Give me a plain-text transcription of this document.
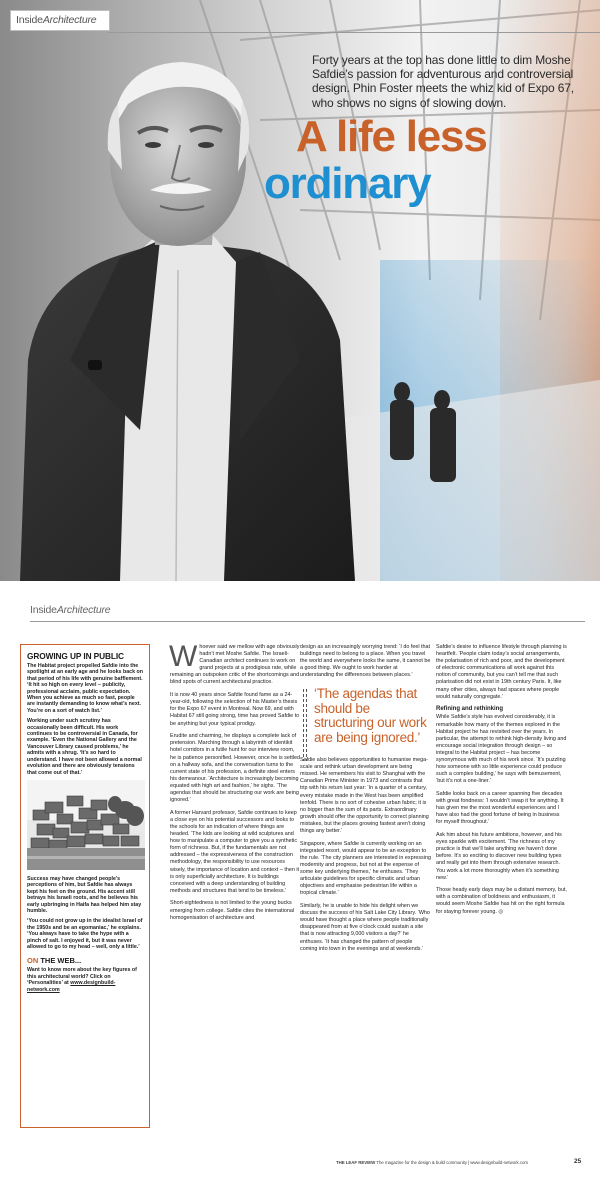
InsideArchitecture

Forty years at the top has done little to dim Moshe Safdie’s passion for adventurous and controversial design. Phin Foster meets the whiz kid of Expo 67, who shows no signs of slowing down.

A life less
ordinary
InsideArchitecture
GROWING UP IN PUBLIC

The Habitat project propelled Safdie into the spotlight at an early age and he looks back on that period of his life with genuine bafflement. ‘It hit so high on every level – publicity, professional acclaim, public expectation. When you achieve as much so fast, people are instantly demanding to know what’s next. You’re on a sort of watch list.’

Working under such scrutiny has occasionally been difficult. His work continues to be controversial in Canada, for example. ‘Even the National Gallery and the Vancouver Library caused problems,’ he admits with a shrug. ‘It’s so hard to understand. I have not been allowed a normal evolution and there are obviously tensions that come out of that.’

Success may have changed people’s perceptions of him, but Safdie has always kept his feet on the ground. His accent still betrays his Israeli roots, and he believes his early upbringing in Haifa has helped him stay humble.

‘You could not grow up in the idealist Israel of the 1950s and be an egomaniac,’ he explains. ‘You always have to take the hype with a pinch of salt. I enjoyed it, but it was never allowed to go to my head – well, only a little.’

ON THE WEB...

Want to know more about the key figures of this architectural world? Click on ‘Personalities’ at www.designbuild-network.com

Whoever said we mellow with age obviously hadn’t met Moshe Safdie. The Israeli-Canadian architect continues to work on grand projects at a prodigious rate, while remaining an outspoken critic of the shortcomings and blind spots of current architectural practice.

It is now 40 years since Safdie found fame as a 24-year-old, following the selection of his Master’s thesis for the Expo 67 event in Montreal. Now 69, and with Habitat 67 still going strong, time has proved Safdie to be anything but your typical prodigy.

Erudite and charming, he displays a complete lack of pretension. Marching through a labyrinth of identikit hotel corridors in a futile hunt for our interview room, he is patience personified. However, once he is settled on a hallway sofa, and the conversation turns to the current state of his profession, a definite steel enters his demeanour. ‘Architecture is increasingly becoming equated with high art and fashion,’ he sighs. ‘The agendas that should be structuring our work are being ignored.’

A former Harvard professor, Safdie continues to keep a close eye on his potential successors and looks to the schools for an indication of where things are headed. ‘The kids are looking at wild sculptures and how to manipulate a computer to give you a synthetic form of richness. But, if the fundamentals are not addressed – the expressiveness of the construction methodology, the responsibility to use resources wisely, the importance of location and context – then it is only superficially architecture. It is buildings conceived with a deep understanding of building methods and structures that tend to be timeless.’

Short-sightedness is not limited to the young bucks emerging from college. Safdie cites the international homogenisation of architecture and

design as an increasingly worrying trend: ‘I do feel that buildings need to belong to a place. When you travel the world and everywhere looks the same, it cannot be a good thing. We ought to work harder at understanding the differences between places.’

‘The agendas that should be structuring our work are being ignored.’

Safdie also believes opportunities to humanise mega-scale and rethink urban development are being missed. He remembers his visit to Shanghai with the Canadian Prime Minister in 1973 and contrasts that trip with his return last year: ‘In a quarter of a century, every mistake made in the West has been amplified tenfold. There is no sort of cohesive urban fabric; it is no bigger than the sum of its parts. Extraordinary growth should offer the opportunity to correct planning mistakes, but the places growing fastest aren’t doing things any better.’

Singapore, where Safdie is currently working on an integrated resort, would appear to be an exception to the rule. ‘The city planners are interested in expressing modernity and progress, but not at the expense of some key underlying themes,’ he enthuses. ‘They articulate guidelines for specific climatic and urban objectives and emphasise pedestrian life within a tropical climate.’

Similarly, he is unable to hide his delight when we discuss the success of his Salt Lake City Library. ‘Who would have thought a place where people traditionally disappeared from at five o’clock could sustain a site that is now attracting 9,000 visitors a day?’ he enthuses. ‘It has changed the pattern of people coming into town in the evenings and at weekends.’

Safdie’s desire to influence lifestyle through planning is heartfelt. ‘People claim today’s social arrangements, the polarisation of rich and poor, and the development of electronic communications all work against this notion of community, but you can’t tell me that such polarisation did not exist in 19th century Paris. It, like many other cities, always had spaces where people would naturally congregate.’

Refining and rethinking

While Safdie’s style has evolved considerably, it is remarkable how many of the themes explored in the Habitat project he has revisited over the years. In particular, the attempt to rethink high-density living and encourage social integration through design – so integral to the Habitat project – has become synonymous with much of his work since. ‘It’s puzzling how someone with so little experience could produce such a complex building,’ he says with bemusement, ‘but it’s not a one-liner.’

Safdie looks back on a career spanning five decades with great fondness: ‘I wouldn’t swap it for anything. It has given me the most wonderful experiences and I have also had the good fortune of being in business for myself throughout.’

Ask him about his future ambitions, however, and his eyes sparkle with excitement. ‘The richness of my practice is that we’ll take anything we haven’t done before. It’s so exciting to discover new building types and really get into them through extensive research. You work a lot more thoroughly when it’s something new.’

Those heady early days may be a distant memory, but, with a combination of boldness and enthusiasm, it would seem Moshe Safdie has hit on the right formula for staying forever young. ◎

THE LEAF REVIEW The magazine for the design & build community | www.designbuild-network.com	25
